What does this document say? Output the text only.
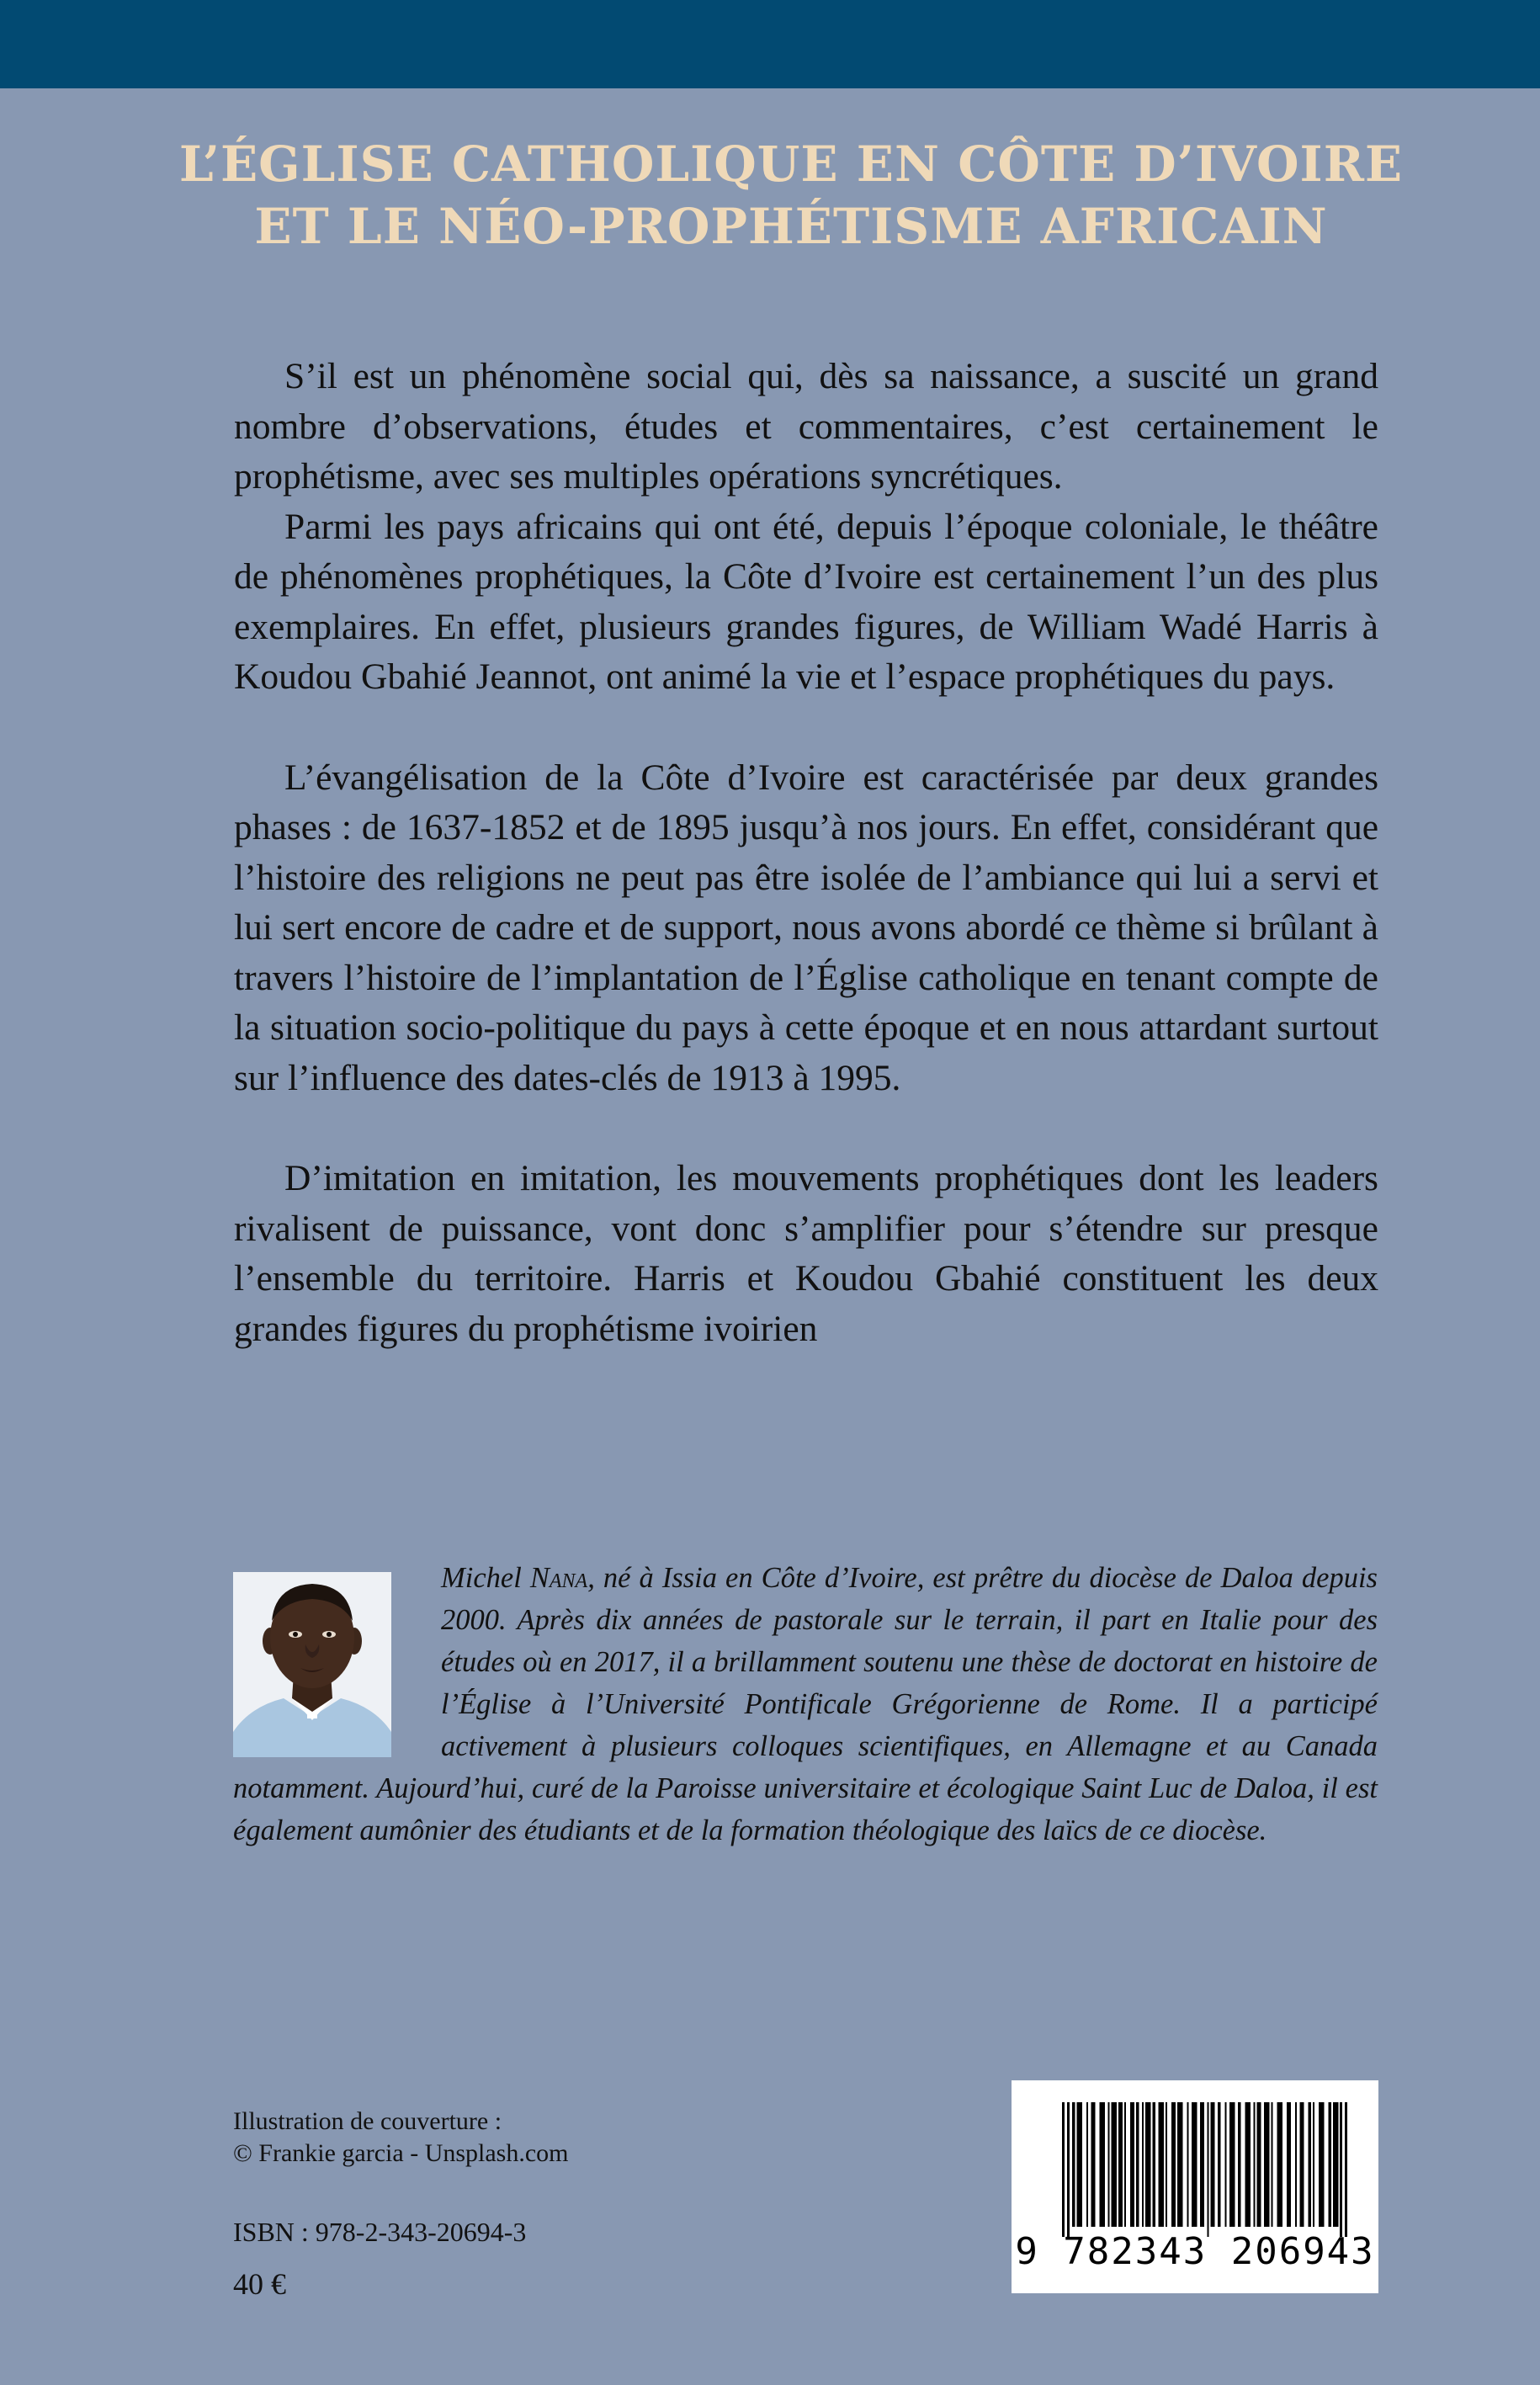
L’ÉGLISE CATHOLIQUE EN CÔTE D’IVOIRE
ET LE NÉO-PROPHÉTISME AFRICAIN

S’il est un phénomène social qui, dès sa naissance, a suscité un grand nombre d’observations, études et commentaires, c’est certainement le prophétisme, avec ses multiples opérations syncrétiques.

Parmi les pays africains qui ont été, depuis l’époque coloniale, le théâtre de phénomènes prophétiques, la Côte d’Ivoire est certainement l’un des plus exemplaires. En effet, plusieurs grandes figures, de William Wadé Harris à Koudou Gbahié Jeannot, ont animé la vie et l’espace prophétiques du pays.

L’évangélisation de la Côte d’Ivoire est caractérisée par deux grandes phases : de 1637-1852 et de 1895 jusqu’à nos jours. En effet, considérant que l’histoire des religions ne peut pas être isolée de l’ambiance qui lui a servi et lui sert encore de cadre et de support, nous avons abordé ce thème si brûlant à travers l’histoire de l’implantation de l’Église catholique en tenant compte de la situation socio-politique du pays à cette époque et en nous attardant surtout sur l’influence des dates-clés de 1913 à 1995.

D’imitation en imitation, les mouvements prophétiques dont les leaders rivalisent de puissance, vont donc s’amplifier pour s’étendre sur presque l’ensemble du territoire. Harris et Koudou Gbahié constituent les deux grandes figures du prophétisme ivoirien

Michel Nana, né à Issia en Côte d’Ivoire, est prêtre du diocèse de Daloa depuis 2000. Après dix années de pastorale sur le terrain, il part en Italie pour des études où en 2017, il a brillamment soutenu une thèse de doctorat en histoire de l’Église à l’Université Pontificale Grégorienne de Rome. Il a participé activement à plusieurs colloques scientifiques, en Allemagne et au Canada notamment. Aujourd’hui, curé de la Paroisse universitaire et écologique Saint Luc de Daloa, il est également aumônier des étudiants et de la formation théologique des laïcs de ce diocèse.
Illustration de couverture :
© Frankie garcia - Unsplash.com
ISBN : 978-2-343-20694-3
40 €
9 782343 206943
